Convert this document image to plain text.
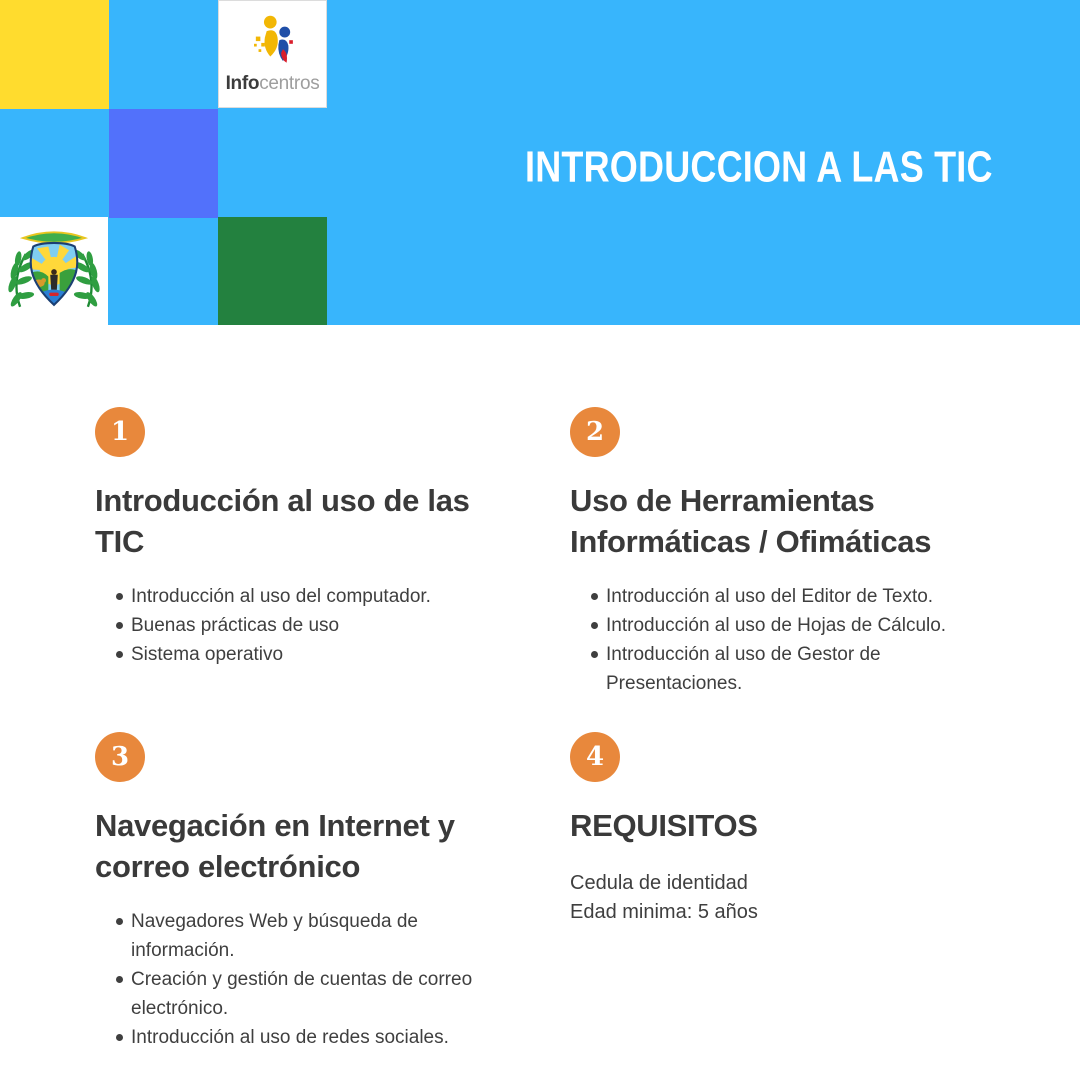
Infocentros
INTRODUCCION A LAS TIC
1
Introducción al uso de las TIC
Introducción al uso del computador.
Buenas prácticas de uso
Sistema operativo
2
Uso de Herramientas Informáticas / Ofimáticas
Introducción al uso del Editor de Texto.
Introducción al uso de Hojas de Cálculo.
Introducción al uso de Gestor de Presentaciones.
3
Navegación en Internet y correo electrónico
Navegadores Web y búsqueda de información.
Creación y gestión de cuentas de correo electrónico.
Introducción al uso de redes sociales.
4
REQUISITOS
Cedula de identidad
Edad minima: 5 años
